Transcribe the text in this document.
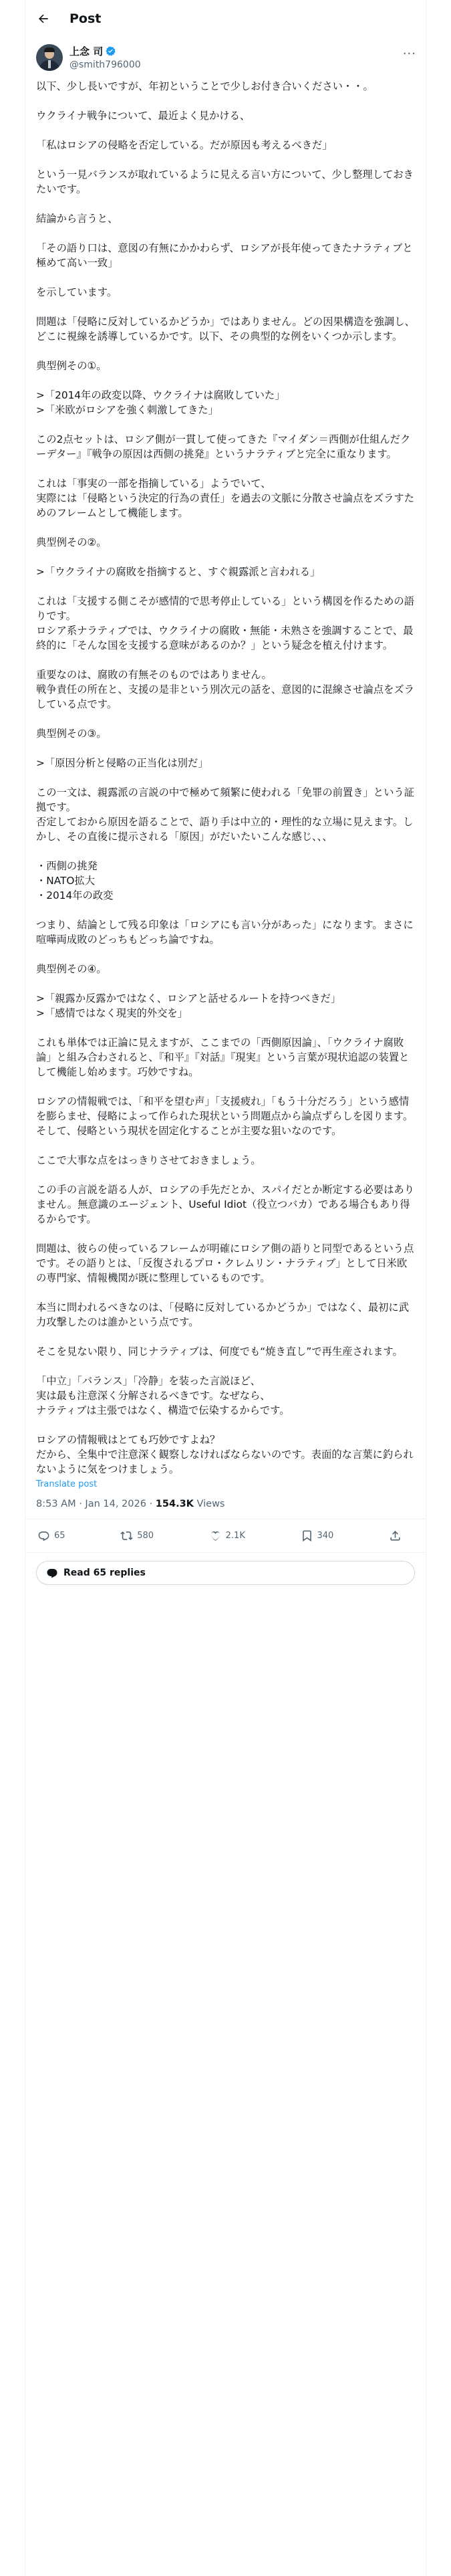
Post
上念 司
@smith796000
···
以下、少し長いですが、年初ということで少しお付き合いください・・。

ウクライナ戦争について、最近よく見かける、

「私はロシアの侵略を否定している。だが原因も考えるべきだ」

という一見バランスが取れているように見える言い方について、少し整理しておきたいです。

結論から言うと、

「その語り口は、意図の有無にかかわらず、ロシアが長年使ってきたナラティブと極めて高い一致」

を示しています。

問題は「侵略に反対しているかどうか」ではありません。どの因果構造を強調し、どこに視線を誘導しているかです。以下、その典型的な例をいくつか示します。

典型例その①。

>「2014年の政変以降、ウクライナは腐敗していた」
>「米欧がロシアを強く刺激してきた」

この2点セットは、ロシア側が一貫して使ってきた『マイダン＝西側が仕組んだクーデター』『戦争の原因は西側の挑発』というナラティブと完全に重なります。

これは「事実の一部を指摘している」ようでいて、
実際には「侵略という決定的行為の責任」を過去の文脈に分散させ論点をズラすためのフレームとして機能します。

典型例その②。

>「ウクライナの腐敗を指摘すると、すぐ親露派と言われる」

これは「支援する側こそが感情的で思考停止している」という構図を作るための語りです。
ロシア系ナラティブでは、ウクライナの腐敗・無能・未熟さを強調することで、最終的に「そんな国を支援する意味があるのか？」という疑念を植え付けます。

重要なのは、腐敗の有無そのものではありません。
戦争責任の所在と、支援の是非という別次元の話を、意図的に混線させ論点をズラしている点です。

典型例その③。

>「原因分析と侵略の正当化は別だ」

この一文は、親露派の言説の中で極めて頻繁に使われる「免罪の前置き」という証拠です。
否定しておから原因を語ることで、語り手は中立的・理性的な立場に見えます。しかし、その直後に提示される「原因」がだいたいこんな感じ、、、

・西側の挑発
・NATO拡大
・2014年の政変

つまり、結論として残る印象は「ロシアにも言い分があった」になります。まさに喧嘩両成敗のどっちもどっち論ですね。

典型例その④。

>「親露か反露かではなく、ロシアと話せるルートを持つべきだ」
>「感情ではなく現実的外交を」

これも単体では正論に見えますが、ここまでの「西側原因論」、「ウクライナ腐敗論」と組み合わされると、『和平』『対話』『現実』という言葉が現状追認の装置として機能し始めます。巧妙ですね。

ロシアの情報戦では、「和平を望む声」「支援疲れ」「もう十分だろう」という感情を膨らませ、侵略によって作られた現状という問題点から論点ずらしを図ります。そして、侵略という現状を固定化することが主要な狙いなのです。

ここで大事な点をはっきりさせておきましょう。

この手の言説を語る人が、ロシアの手先だとか、スパイだとか断定する必要はありません。無意識のエージェント、Useful Idiot（役立つバカ）である場合もあり得るからです。

問題は、彼らの使っているフレームが明確にロシア側の語りと同型であるという点です。その語りとは、「反復されるプロ・クレムリン・ナラティブ」として日米欧の専門家、情報機関が既に整理しているものです。

本当に問われるべきなのは、「侵略に反対しているかどうか」ではなく、最初に武力攻撃したのは誰かという点です。

そこを見ない限り、同じナラティブは、何度でも“焼き直し”で再生産されます。

「中立」「バランス」「冷静」を装った言説ほど、
実は最も注意深く分解されるべきです。なぜなら、
ナラティブは主張ではなく、構造で伝染するからです。

ロシアの情報戦はとても巧妙ですよね？
だから、全集中で注意深く観察しなければならないのです。表面的な言葉に釣られないように気をつけましょう。
Translate post
8:53 AM · Jan 14, 2026 · 154.3K Views
65	580	2.1K	340
Read 65 replies
